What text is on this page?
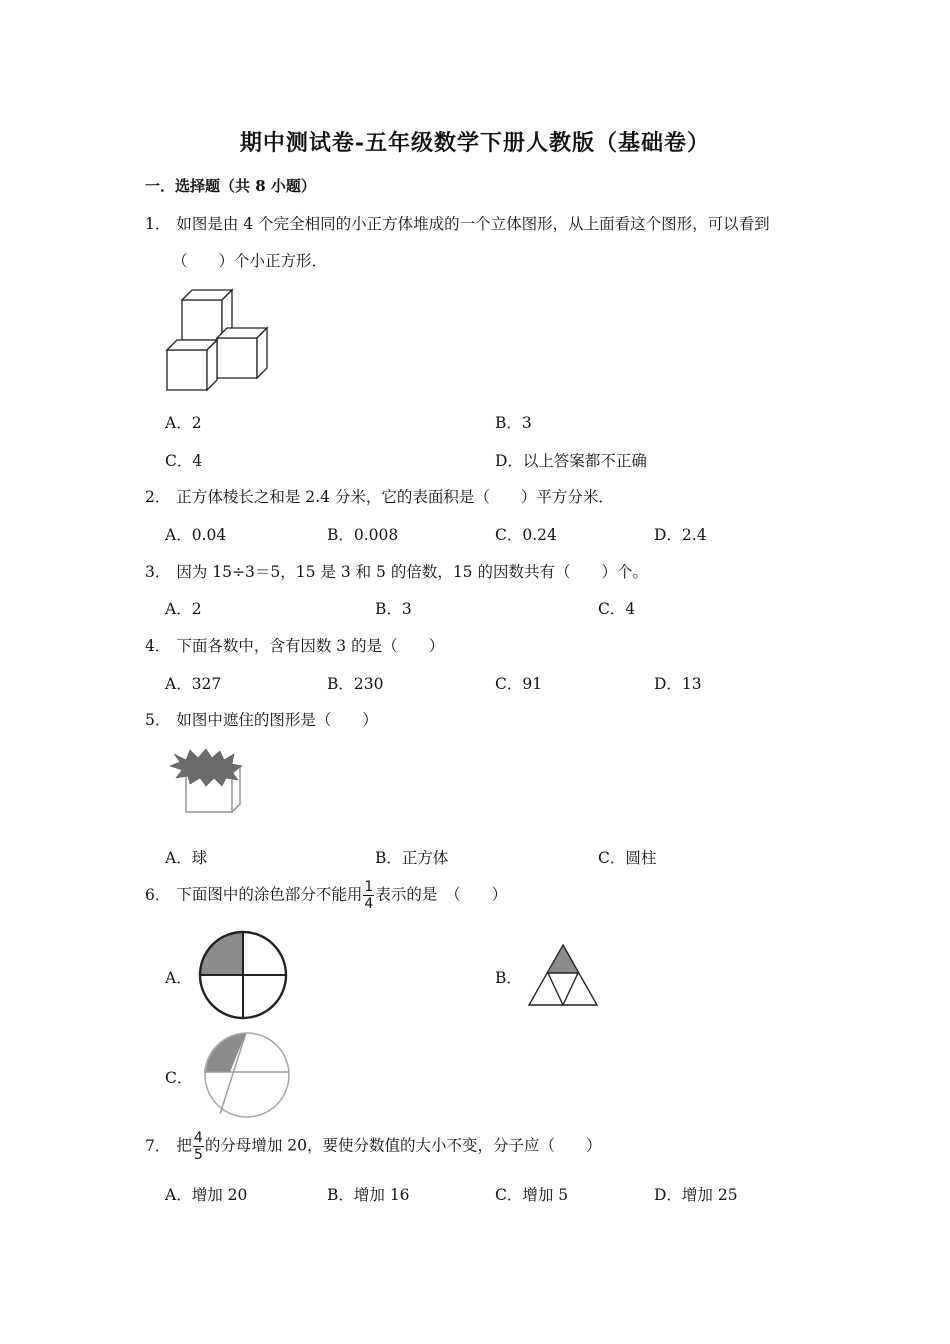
期中测试卷-五年级数学下册人教版（基础卷）
一．选择题（共 8 小题）
1． 如图是由 4 个完全相同的小正方体堆成的一个立体图形，从上面看这个图形，可以看到
（　　）个小正方形．
A．2	B．3
C．4	D．以上答案都不正确
2． 正方体棱长之和是 2.4 分米，它的表面积是（　　）平方分米．
A．0.04	B．0.008	C．0.24	D．2.4
3． 因为 15÷3＝5，15 是 3 和 5 的倍数，15 的因数共有（　　）个。
A．2	B．3	C．4
4． 下面各数中，含有因数 3 的是（　　）
A．327	B．230	C．91	D．13
5． 如图中遮住的图形是（　　）
A．球	B．正方体	C．圆柱
6． 下面图中的涂色部分不能用 $\frac{1}{4}$ 表示的是　（　　）
A．	B．
C．
7． 把 $\frac{4}{5}$ 的分母增加 20，要使分数值的大小不变，分子应（　　）
A．增加 20	B．增加 16	C．增加 5	D．增加 25
